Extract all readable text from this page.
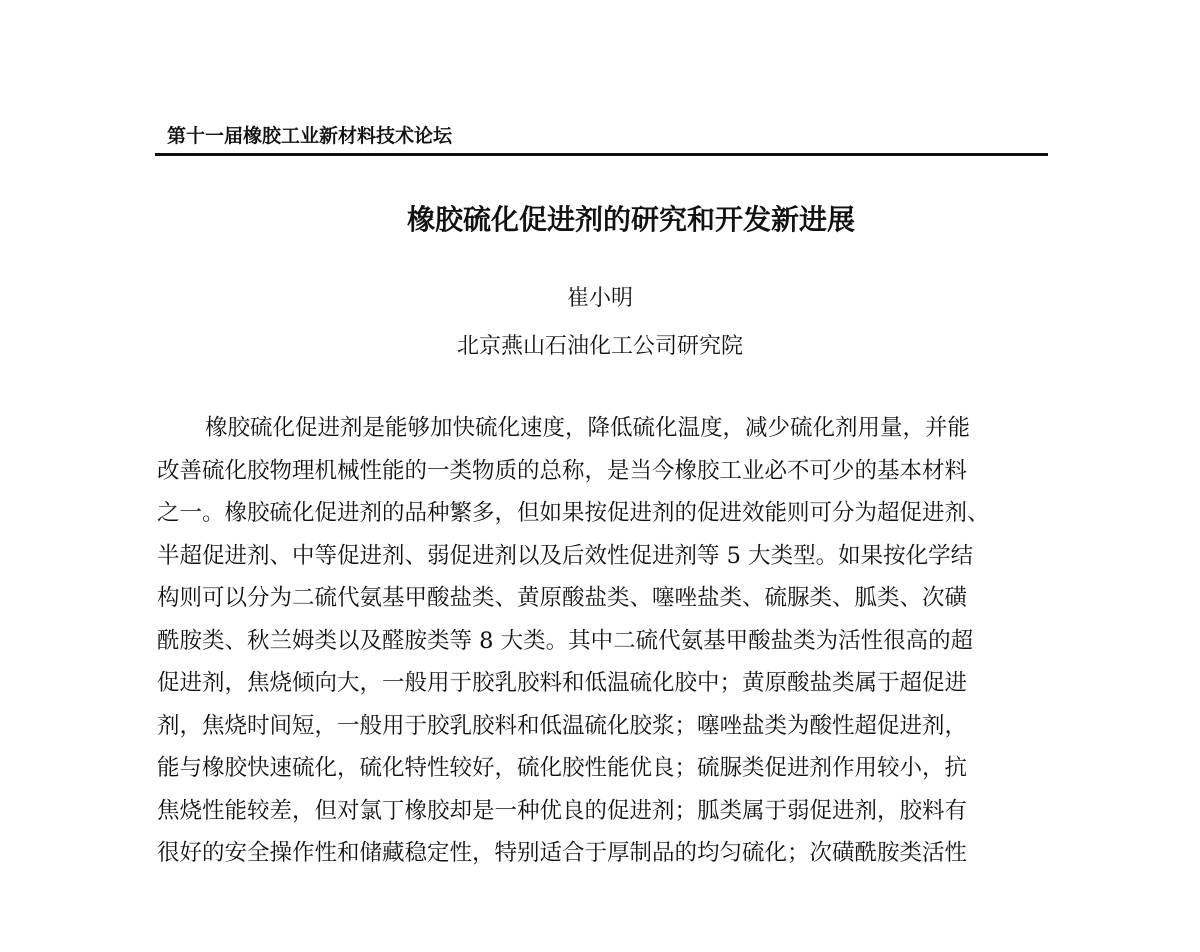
第十一届橡胶工业新材料技术论坛
橡胶硫化促进剂的研究和开发新进展
崔小明
北京燕山石油化工公司研究院
橡胶硫化促进剂是能够加快硫化速度，降低硫化温度，减少硫化剂用量，并能
改善硫化胶物理机械性能的一类物质的总称，是当今橡胶工业必不可少的基本材料
之一。橡胶硫化促进剂的品种繁多，但如果按促进剂的促进效能则可分为超促进剂、
半超促进剂、中等促进剂、弱促进剂以及后效性促进剂等 5 大类型。如果按化学结
构则可以分为二硫代氨基甲酸盐类、黄原酸盐类、噻唑盐类、硫脲类、胍类、次磺
酰胺类、秋兰姆类以及醛胺类等 8 大类。其中二硫代氨基甲酸盐类为活性很高的超
促进剂，焦烧倾向大，一般用于胶乳胶料和低温硫化胶中；黄原酸盐类属于超促进
剂，焦烧时间短，一般用于胶乳胶料和低温硫化胶浆；噻唑盐类为酸性超促进剂，
能与橡胶快速硫化，硫化特性较好，硫化胶性能优良；硫脲类促进剂作用较小，抗
焦烧性能较差，但对氯丁橡胶却是一种优良的促进剂；胍类属于弱促进剂，胶料有
很好的安全操作性和储藏稳定性，特别适合于厚制品的均匀硫化；次磺酰胺类活性
